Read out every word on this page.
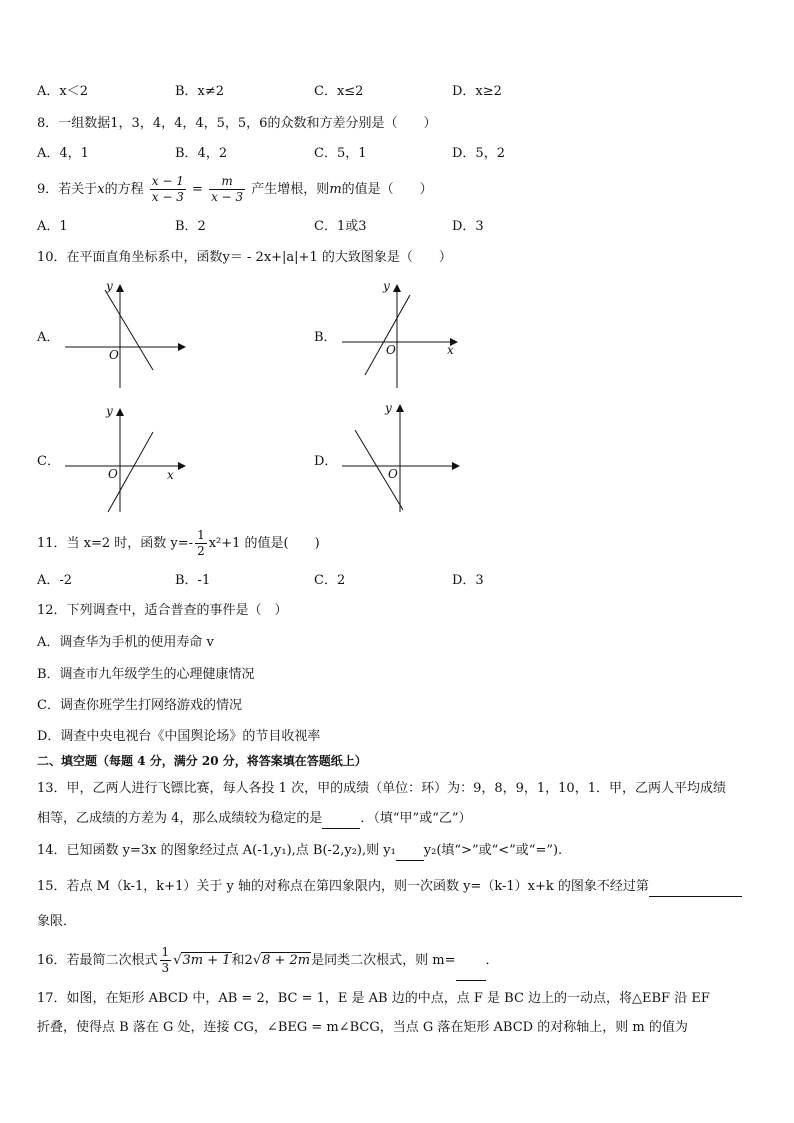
A．x＜2	B．x≠2	C．x≤2	D．x≥2
8．一组数据1，3，4，4，4，5，5，6的众数和方差分别是（　　）
A．4，1	B．4，2	C．5，1	D．5，2
9．若关于x的方程 $\frac{x - 1}{x - 3} = \frac{m}{x - 3}$ 产生增根，则m的值是（　　）
A．1	B．2	C．1或3	D．3
10．在平面直角坐标系中，函数y＝ - 2x+|a|+1 的大致图象是（　　）
A．
y
O
B．
y
O	x
C．
y
O	x
D．
y
O
11．当 x=2 时，函数 $y=- \frac{1}{2} x^2+1$ 的值是(　　)
A．-2	B．-1	C．2	D．3
12．下列调查中，适合普查的事件是（　）
A．调查华为手机的使用寿命 v
B．调查市九年级学生的心理健康情况
C．调查你班学生打网络游戏的情况
D．调查中央电视台《中国舆论场》的节目收视率
二、填空题（每题 4 分，满分 20 分，将答案填在答题纸上）
13．甲，乙两人进行飞镖比赛，每人各投 1 次，甲的成绩（单位：环）为：9，8，9，1，10，1．甲，乙两人平均成绩
相等，乙成绩的方差为 4，那么成绩较为稳定的是	．（填“甲”或“乙”）
14．已知函数 y=3x 的图象经过点 A(-1,y₁),点 B(-2,y₂),则 y₁ y₂(填“>”或“<”或“=”).
15．若点 M（k-1，k+1）关于 y 轴的对称点在第四象限内，则一次函数 y=（k-1）x+k 的图象不经过第
象限．
16．若最简二次根式 $\frac{1}{3} √3m + 1$和2√8 + 2m是同类二次根式，则 m= ．
17．如图，在矩形 ABCD 中，AB = 2，BC = 1，E 是 AB 边的中点，点 F 是 BC 边上的一动点，将△EBF 沿 EF
折叠，使得点 B 落在 G 处，连接 CG，∠BEG = m∠BCG，当点 G 落在矩形 ABCD 的对称轴上，则 m 的值为
